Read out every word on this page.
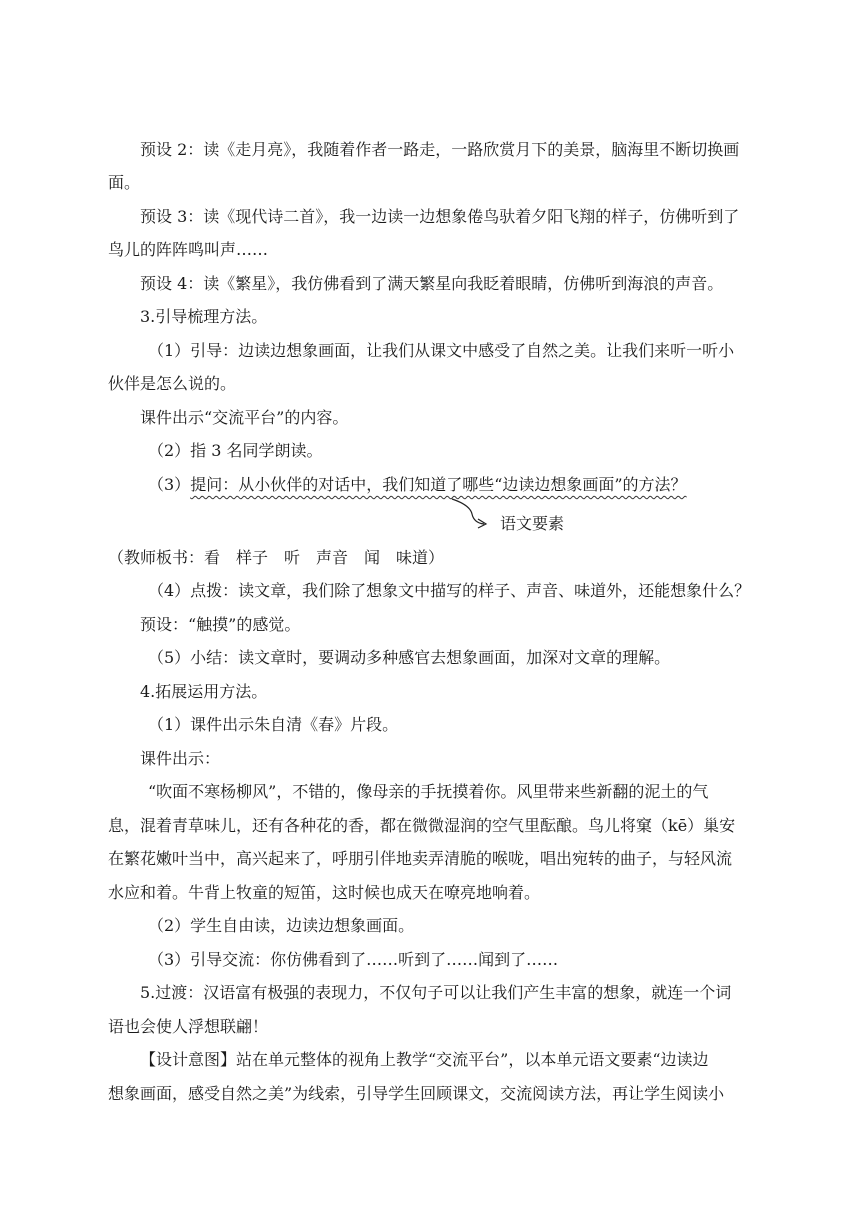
预设 2：读《走月亮》，我随着作者一路走，一路欣赏月下的美景，脑海里不断切换画

面。

预设 3：读《现代诗二首》，我一边读一边想象倦鸟驮着夕阳飞翔的样子，仿佛听到了

鸟儿的阵阵鸣叫声……

预设 4：读《繁星》，我仿佛看到了满天繁星向我眨着眼睛，仿佛听到海浪的声音。

3.引导梳理方法。

（1）引导：边读边想象画面，让我们从课文中感受了自然之美。让我们来听一听小

伙伴是怎么说的。

课件出示“交流平台”的内容。

（2）指 3 名同学朗读。

（3）提问：从小伙伴的对话中，我们知道了哪些“边读边想象画面”的方法？

语文要素

（教师板书：看　样子　听　声音　闻　味道）

（4）点拨：读文章，我们除了想象文中描写的样子、声音、味道外，还能想象什么？

预设：“触摸”的感觉。

（5）小结：读文章时，要调动多种感官去想象画面，加深对文章的理解。

4.拓展运用方法。

（1）课件出示朱自清《春》片段。

课件出示：

“吹面不寒杨柳风”，不错的，像母亲的手抚摸着你。风里带来些新翻的泥土的气

息，混着青草味儿，还有各种花的香，都在微微湿润的空气里酝酿。鸟儿将窠（kē）巢安

在繁花嫩叶当中，高兴起来了，呼朋引伴地卖弄清脆的喉咙，唱出宛转的曲子，与轻风流

水应和着。牛背上牧童的短笛，这时候也成天在嘹亮地响着。

（2）学生自由读，边读边想象画面。

（3）引导交流：你仿佛看到了……听到了……闻到了……

5.过渡：汉语富有极强的表现力，不仅句子可以让我们产生丰富的想象，就连一个词

语也会使人浮想联翩！

【设计意图】站在单元整体的视角上教学“交流平台”，以本单元语文要素“边读边

想象画面，感受自然之美”为线索，引导学生回顾课文，交流阅读方法，再让学生阅读小
